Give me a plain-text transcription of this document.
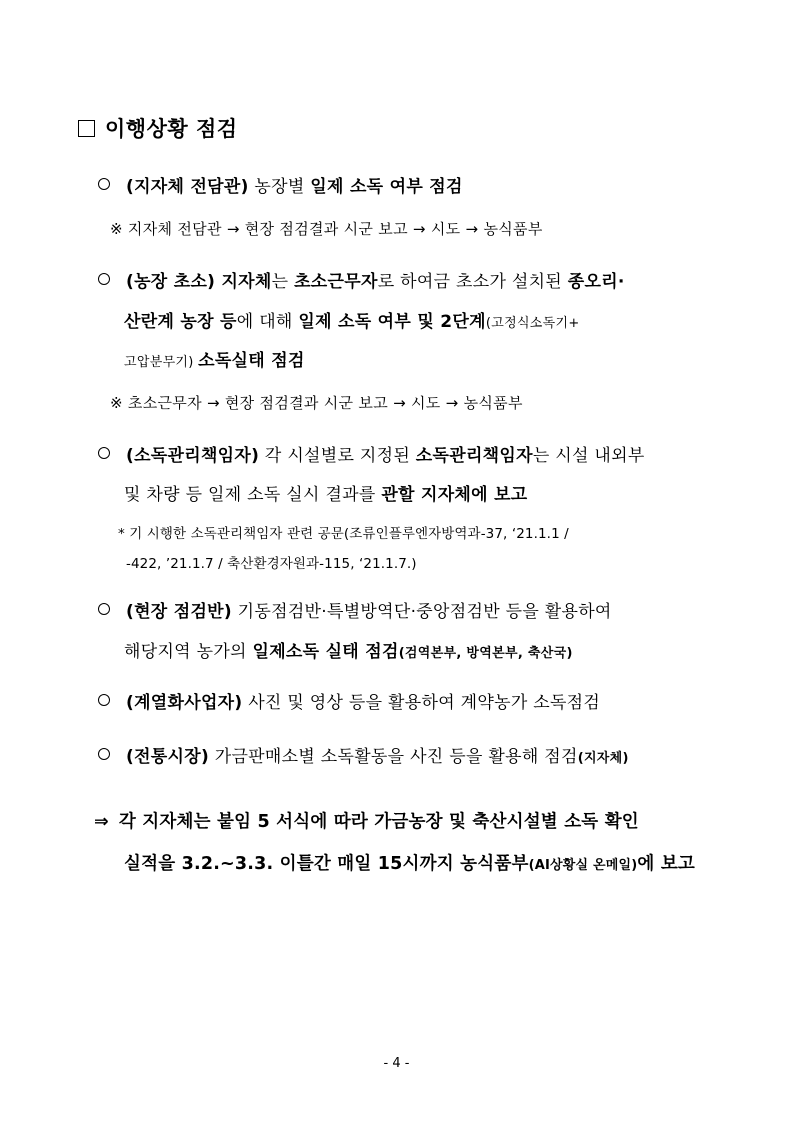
이행상황 점검
(지자체 전담관) 농장별 일제 소독 여부 점검
※ 지자체 전담관 → 현장 점검결과 시군 보고 → 시도 → 농식품부
(농장 초소) 지자체는 초소근무자로 하여금 초소가 설치된 종오리·
산란계 농장 등에 대해 일제 소독 여부 및 2단계(고정식소독기+
고압분무기) 소독실태 점검
※ 초소근무자 → 현장 점검결과 시군 보고 → 시도 → 농식품부
(소독관리책임자) 각 시설별로 지정된 소독관리책임자는 시설 내외부
및 차량 등 일제 소독 실시 결과를 관할 지자체에 보고
* 기 시행한 소독관리책임자 관련 공문(조류인플루엔자방역과-37, ‘21.1.1 /
-422, ’21.1.7 / 축산환경자원과-115, ‘21.1.7.)
(현장 점검반) 기동점검반·특별방역단·중앙점검반 등을 활용하여
해당지역 농가의 일제소독 실태 점검(검역본부, 방역본부, 축산국)
(계열화사업자) 사진 및 영상 등을 활용하여 계약농가 소독점검
(전통시장) 가금판매소별 소독활동을 사진 등을 활용해 점검(지자체)
⇒ 각 지자체는 붙임 5 서식에 따라 가금농장 및 축산시설별 소독 확인
실적을 3.2.~3.3. 이틀간 매일 15시까지 농식품부(AI상황실 온메일)에 보고
- 4 -
